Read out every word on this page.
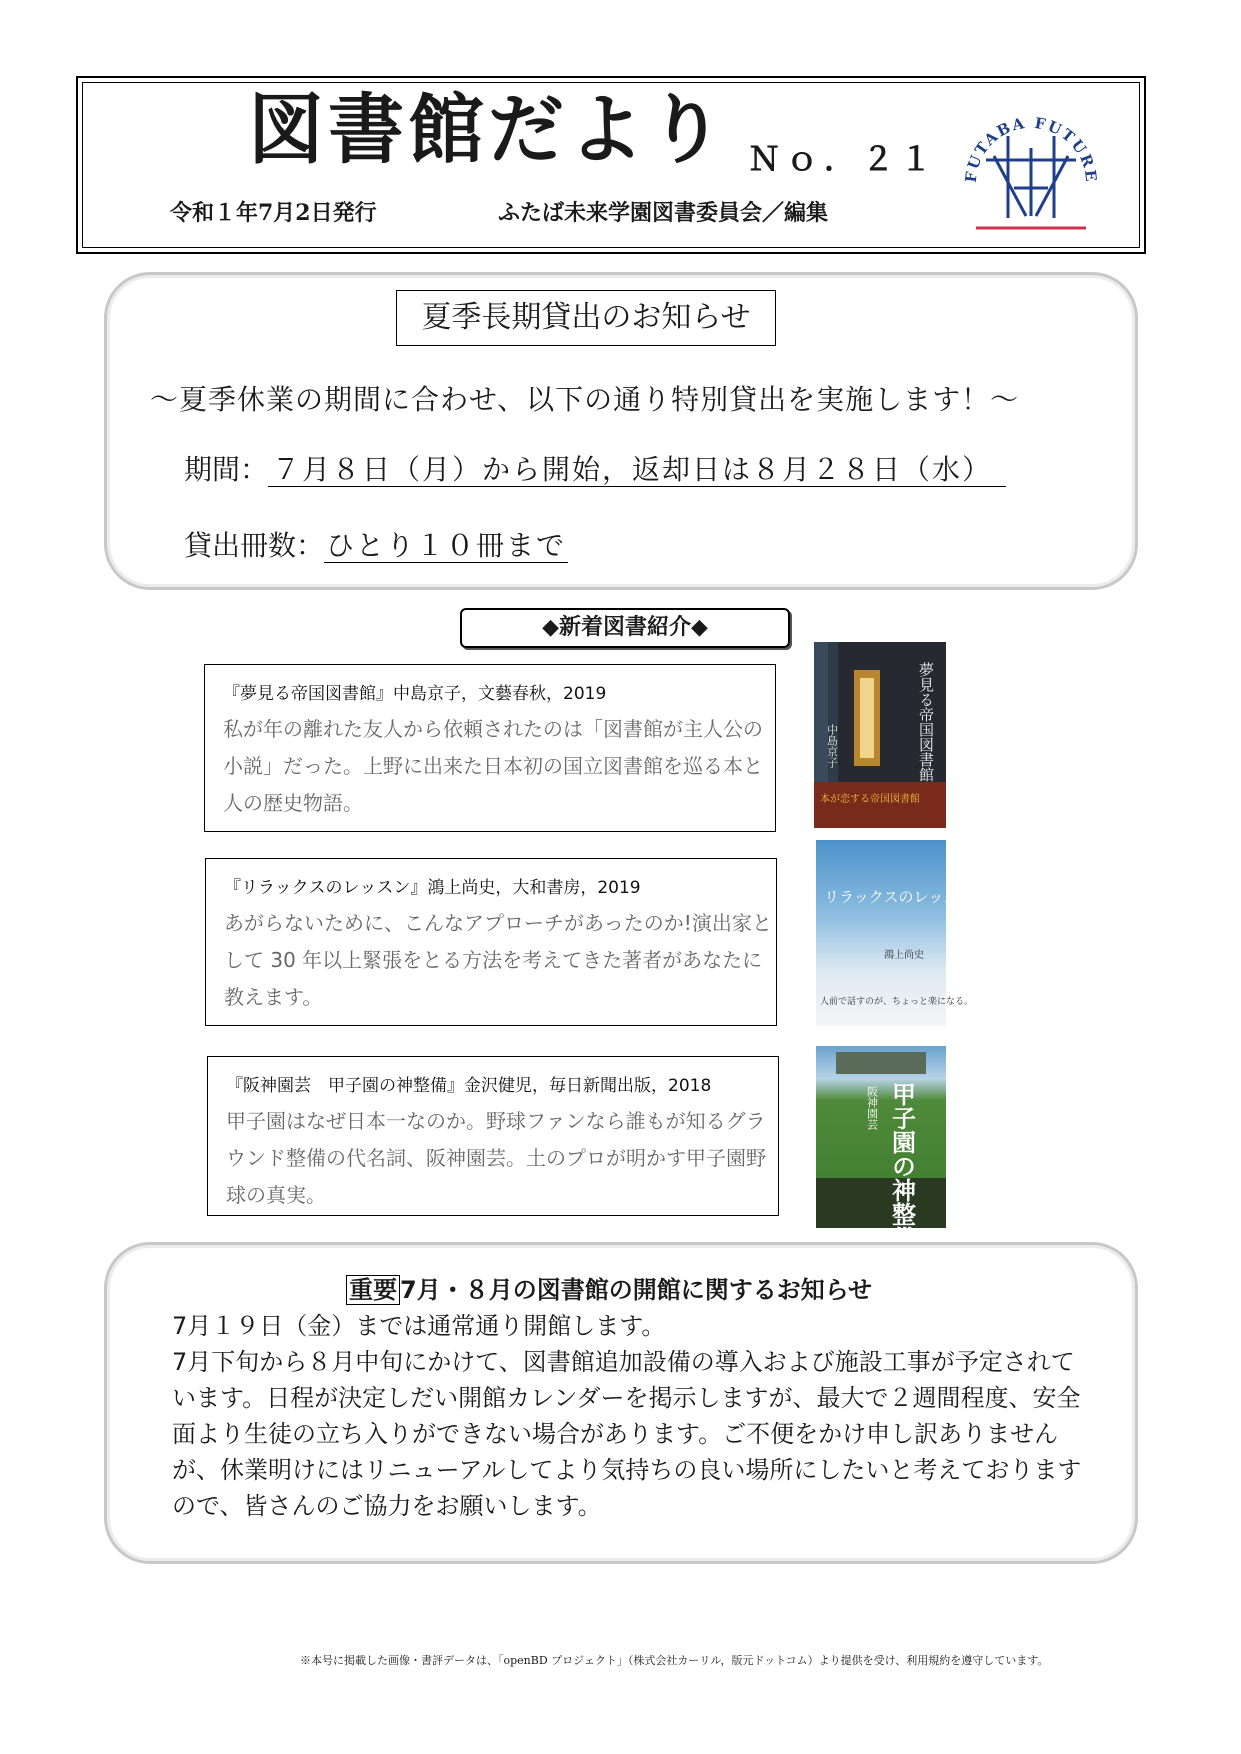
図書館だより Ｎｏ．２１
令和１年7月2日発行	ふたば未来学園図書委員会／編集
FUTABA FUTURE
夏季長期貸出のお知らせ
～夏季休業の期間に合わせ、以下の通り特別貸出を実施します！～
期間： ７月８日（月）から開始，返却日は８月２８日（水）
貸出冊数：ひとり１０冊まで
◆新着図書紹介◆
『夢見る帝国図書館』中島京子，文藝春秋，2019
私が年の離れた友人から依頼されたのは「図書館が主人公の小説」だった。上野に出来た日本初の国立図書館を巡る本と人の歴史物語。
夢見る帝国図書館
中島京子
本が恋する帝国図書館
『リラックスのレッスン』鴻上尚史，大和書房，2019
あがらないために、こんなアプローチがあったのか!演出家として 30 年以上緊張をとる方法を考えてきた著者があなたに教えます。
リラックスのレッスン
鴻上尚史
人前で話すのが、ちょっと楽になる。
『阪神園芸　甲子園の神整備』金沢健児，毎日新聞出版，2018
甲子園はなぜ日本一なのか。野球ファンなら誰もが知るグラウンド整備の代名詞、阪神園芸。土のプロが明かす甲子園野球の真実。	甲子園の神整備
阪神園芸
重要 7月・８月の図書館の開館に関するお知らせ

7月１９日（金）までは通常通り開館します。

7月下旬から８月中旬にかけて、図書館追加設備の導入および施設工事が予定されています。日程が決定しだい開館カレンダーを掲示しますが、最大で２週間程度、安全面より生徒の立ち入りができない場合があります。ご不便をかけ申し訳ありませんが、休業明けにはリニューアルしてより気持ちの良い場所にしたいと考えておりますので、皆さんのご協力をお願いします。

※本号に掲載した画像・書評データは、「openBD プロジェクト」（株式会社カーリル，版元ドットコム）より提供を受け、利用規約を遵守しています。
